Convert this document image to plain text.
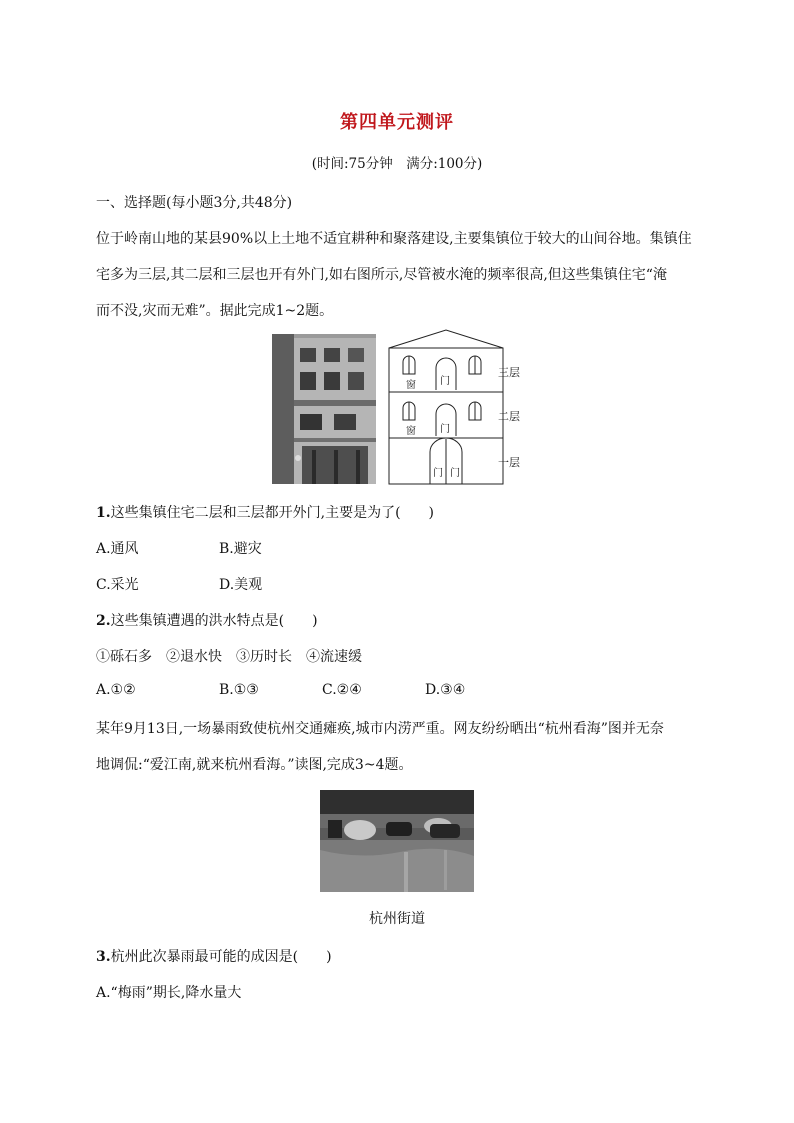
第四单元测评
(时间:75分钟　满分:100分)
一、选择题(每小题3分,共48分)
位于岭南山地的某县90%以上土地不适宜耕种和聚落建设,主要集镇位于较大的山间谷地。集镇住
宅多为三层,其二层和三层也开有外门,如右图所示,尽管被水淹的频率很高,但这些集镇住宅“淹
而不没,灾而无难”。据此完成1~2题。
窗 门
窗 门
门 门
三层
二层
一层
1.这些集镇住宅二层和三层都开外门,主要是为了(　　)
A.通风	B.避灾
C.采光	D.美观
2.这些集镇遭遇的洪水特点是(　　)
①砾石多　②退水快　③历时长　④流速缓
A.①②	B.①③	C.②④	D.③④
某年9月13日,一场暴雨致使杭州交通瘫痪,城市内涝严重。网友纷纷晒出“杭州看海”图并无奈
地调侃:“爱江南,就来杭州看海。”读图,完成3~4题。
杭州街道
3.杭州此次暴雨最可能的成因是(　　)
A.“梅雨”期长,降水量大
